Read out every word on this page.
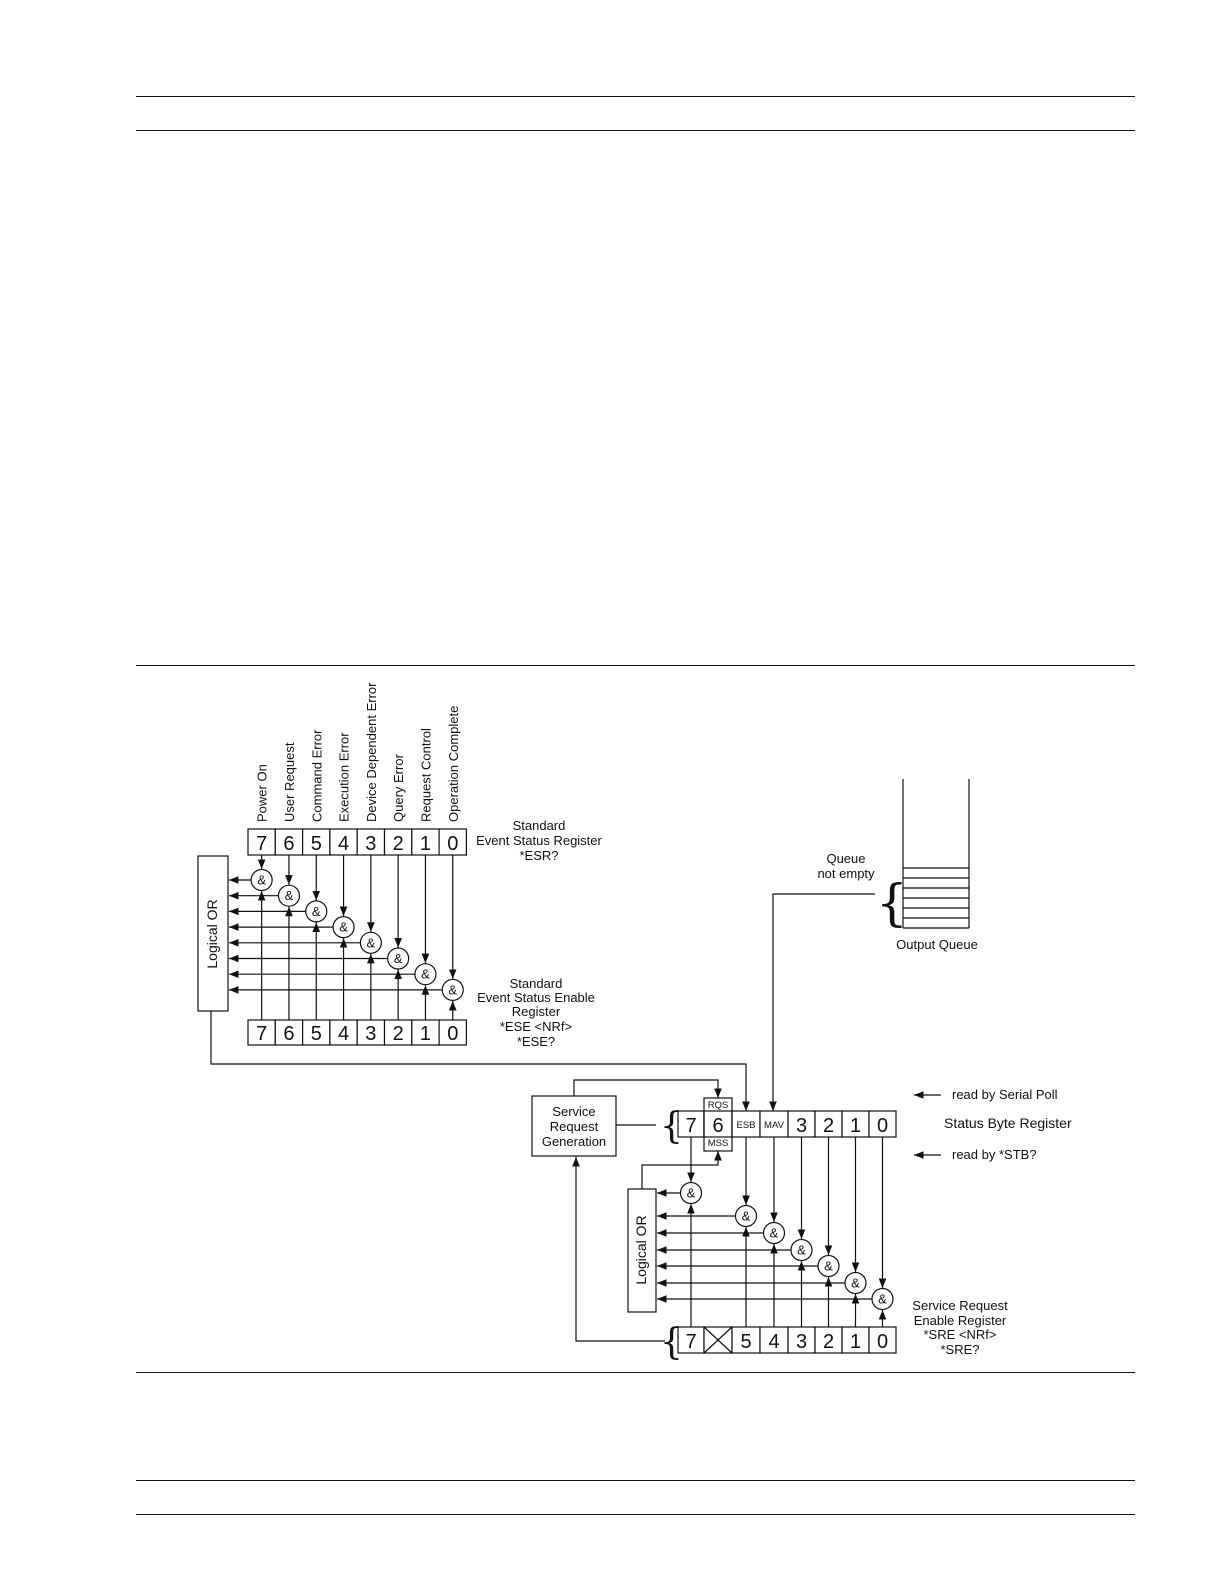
Power On User Request Command Error Execution Error Device Dependent Error Query Error Request Control Operation Complete
7 6 5 4 3 2 1 0
7 6 5 4 3 2 1 0
&
&
&
&
&
&
&
&
Logical OR
Standard
Event Status Register
*ESR?
Standard
Event Status Enable
Register
*ESE <NRf>
*ESE?
{
Output Queue
Queue
not empty
7 6 ESB MAV 3 2 1 0
RQS
MSS
7 5 4 3 2 1 0
&
&
&
&
&
&
&
{
{
Service
Request
Generation
Logical OR
read by Serial Poll
Status Byte Register
read by *STB?
Service Request
Enable Register
*SRE <NRf>
*SRE?
